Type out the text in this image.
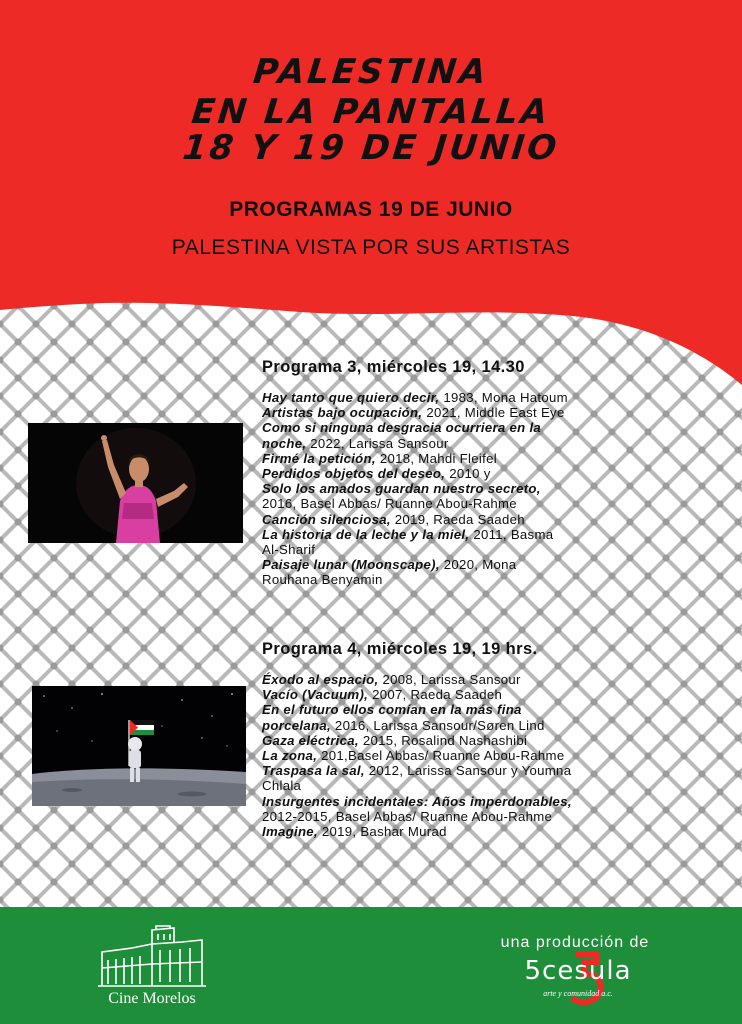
PALESTINA
EN LA PANTALLA
18 Y 19 DE JUNIO
PROGRAMAS 19 DE JUNIO
PALESTINA VISTA POR SUS ARTISTAS
Programa 3, miércoles 19, 14.30
Hay tanto que quiero decir, 1983, Mona Hatoum
Artistas bajo ocupación, 2021, Middle East Eye
Como si ninguna desgracia ocurriera en la
noche, 2022, Larissa Sansour
Firmé la petición, 2018, Mahdi Fleifel
Perdidos objetos del deseo, 2010 y
Solo los amados guardan nuestro secreto,
2016, Basel Abbas/ Ruanne Abou-Rahme
Canción silenciosa, 2019, Raeda Saadeh
La historia de la leche y la miel, 2011, Basma
Al-Sharif
Paisaje lunar (Moonscape), 2020, Mona
Rouhana Benyamin
Programa 4, miércoles 19, 19 hrs.
Éxodo al espacio, 2008, Larissa Sansour
Vacío (Vacuum), 2007, Raeda Saadeh
En el futuro ellos comían en la más fina
porcelana, 2016, Larissa Sansour/Søren Lind
Gaza eléctrica, 2015, Rosalind Nashashibi
La zona, 201,Basel Abbas/ Ruanne Abou-Rahme
Traspasa la sal, 2012, Larissa Sansour y Youmna
Chlala
Insurgentes incidentales: Años imperdonables,
2012-2015, Basel Abbas/ Ruanne Abou-Rahme
Imagine, 2019, Bashar Murad
Cine Morelos
una producción de
5cesula
arte y comunidad a.c.
